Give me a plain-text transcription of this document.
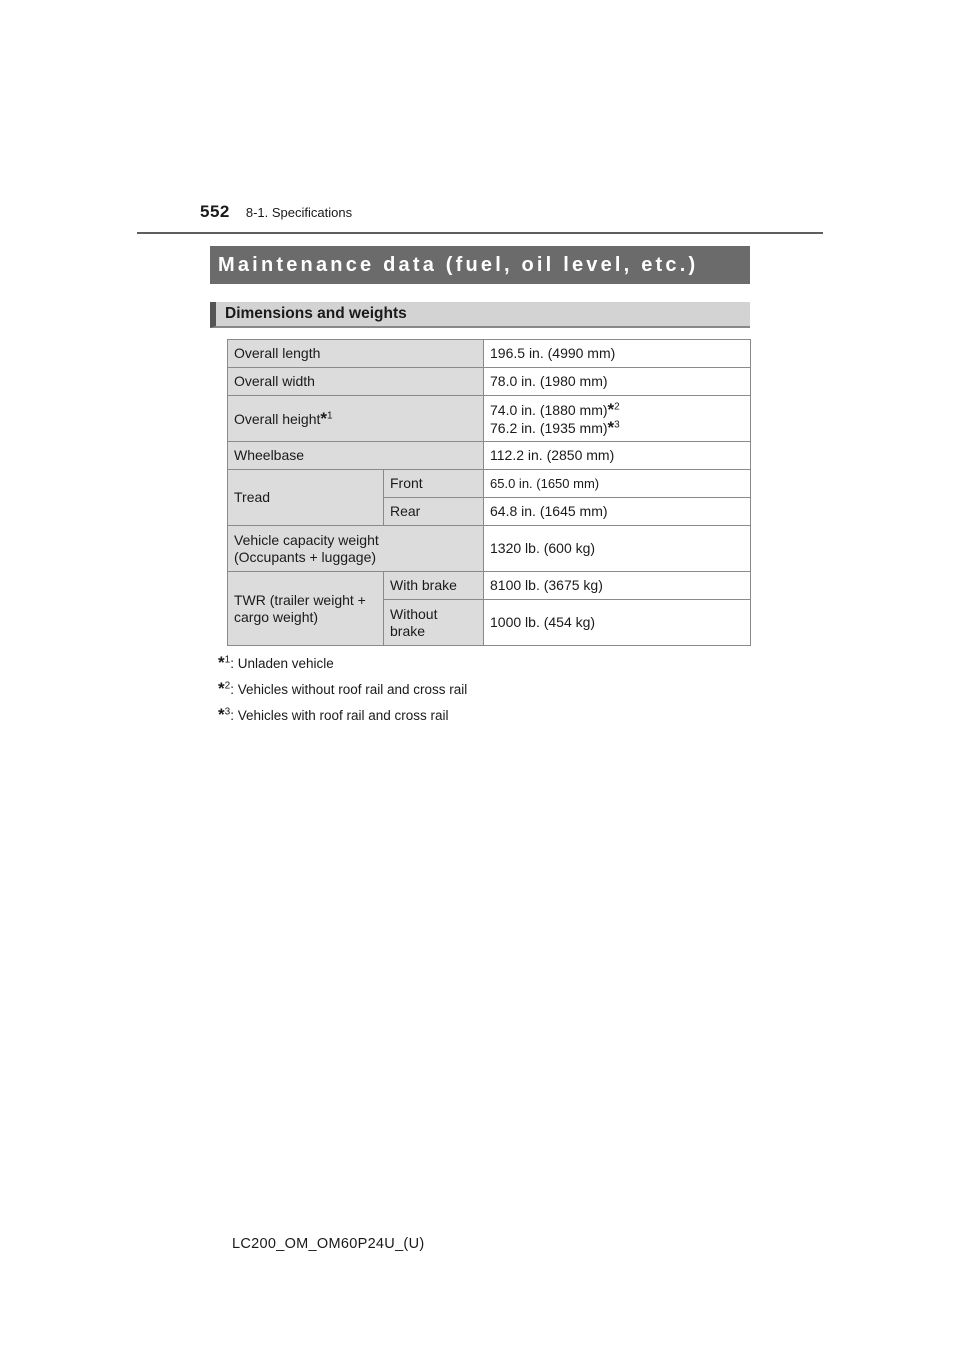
552 8-1. Specifications
Maintenance data (fuel, oil level, etc.)
Dimensions and weights
Overall length		196.5 in. (4990 mm)
Overall width		78.0 in. (1980 mm)
Overall height*$^1$		74.0 in. (1880 mm)*$^2$
76.2 in. (1935 mm)*$^3$

Wheelbase		112.2 in. (2850 mm)
Tread	Front	65.0 in. (1650 mm)
	Rear	64.8 in. (1645 mm)

Vehicle capacity weight
(Occupants + luggage)		1320 lb. (600 kg)

TWR (trailer weight +
cargo weight)	With brake	8100 lb. (3675 kg)

	Without
brake	1000 lb. (454 kg)
*$^1$: Unladen vehicle
*$^2$: Vehicles without roof rail and cross rail
*$^3$: Vehicles with roof rail and cross rail
LC200_OM_OM60P24U_(U)
